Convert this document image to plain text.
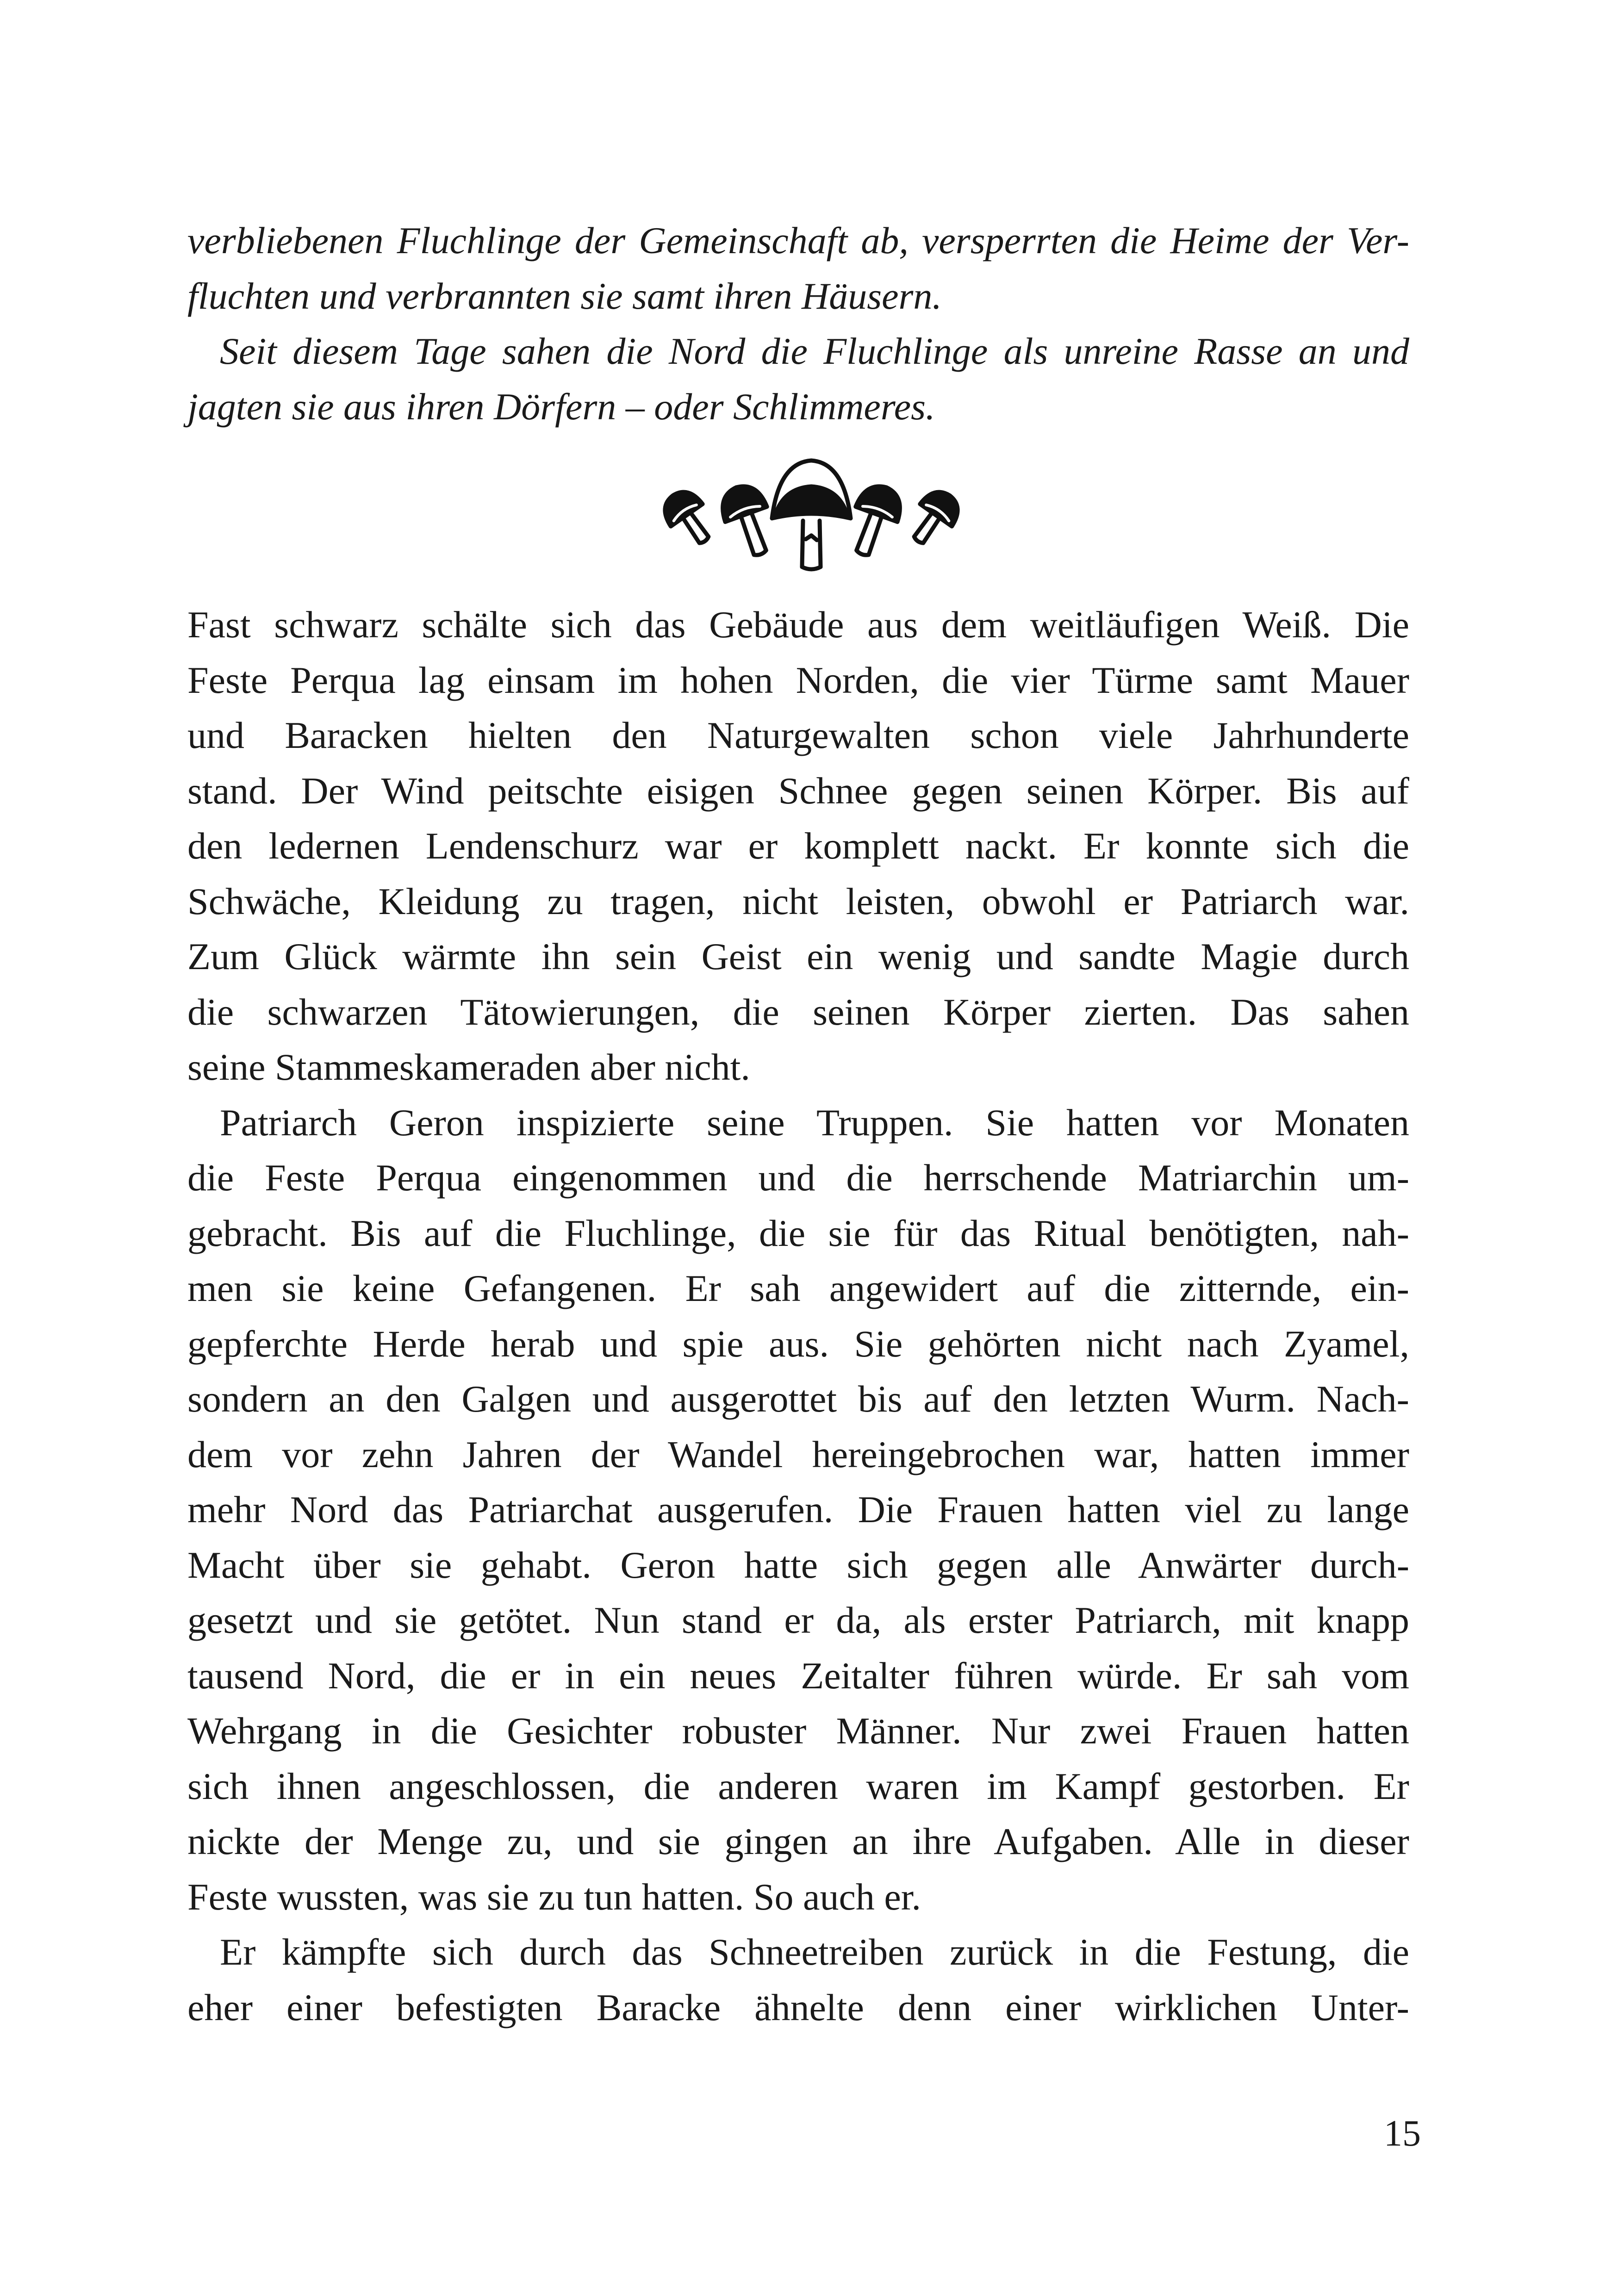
verbliebenen Fluchlinge der Gemeinschaft ab, versperrten die Heime der Ver-
fluchten und verbrannten sie samt ihren Häusern.
Seit diesem Tage sahen die Nord die Fluchlinge als unreine Rasse an und
jagten sie aus ihren Dörfern – oder Schlimmeres.
Fast schwarz schälte sich das Gebäude aus dem weitläufigen Weiß. Die
Feste Perqua lag einsam im hohen Norden, die vier Türme samt Mauer
und Baracken hielten den Naturgewalten schon viele Jahrhunderte
stand. Der Wind peitschte eisigen Schnee gegen seinen Körper. Bis auf
den ledernen Lendenschurz war er komplett nackt. Er konnte sich die
Schwäche, Kleidung zu tragen, nicht leisten, obwohl er Patriarch war.
Zum Glück wärmte ihn sein Geist ein wenig und sandte Magie durch
die schwarzen Tätowierungen, die seinen Körper zierten. Das sahen
seine Stammeskameraden aber nicht.
Patriarch Geron inspizierte seine Truppen. Sie hatten vor Monaten
die Feste Perqua eingenommen und die herrschende Matriarchin um-
gebracht. Bis auf die Fluchlinge, die sie für das Ritual benötigten, nah-
men sie keine Gefangenen. Er sah angewidert auf die zitternde, ein-
gepferchte Herde herab und spie aus. Sie gehörten nicht nach Zyamel,
sondern an den Galgen und ausgerottet bis auf den letzten Wurm. Nach-
dem vor zehn Jahren der Wandel hereingebrochen war, hatten immer
mehr Nord das Patriarchat ausgerufen. Die Frauen hatten viel zu lange
Macht über sie gehabt. Geron hatte sich gegen alle Anwärter durch-
gesetzt und sie getötet. Nun stand er da, als erster Patriarch, mit knapp
tausend Nord, die er in ein neues Zeitalter führen würde. Er sah vom
Wehrgang in die Gesichter robuster Männer. Nur zwei Frauen hatten
sich ihnen angeschlossen, die anderen waren im Kampf gestorben. Er
nickte der Menge zu, und sie gingen an ihre Aufgaben. Alle in dieser
Feste wussten, was sie zu tun hatten. So auch er.
Er kämpfte sich durch das Schneetreiben zurück in die Festung, die
eher einer befestigten Baracke ähnelte denn einer wirklichen Unter-
15
